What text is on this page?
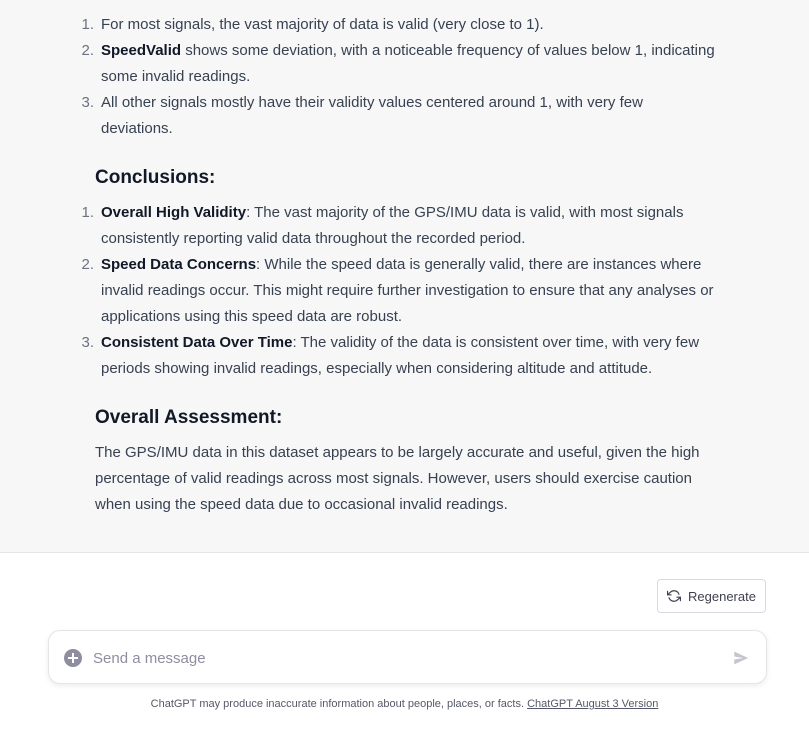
1. For most signals, the vast majority of data is valid (very close to 1).
2. SpeedValid shows some deviation, with a noticeable frequency of values below 1, indicating some invalid readings.
3. All other signals mostly have their validity values centered around 1, with very few deviations.
Conclusions:
1. Overall High Validity: The vast majority of the GPS/IMU data is valid, with most signals consistently reporting valid data throughout the recorded period.
2. Speed Data Concerns: While the speed data is generally valid, there are instances where invalid readings occur. This might require further investigation to ensure that any analyses or applications using this speed data are robust.
3. Consistent Data Over Time: The validity of the data is consistent over time, with very few periods showing invalid readings, especially when considering altitude and attitude.
Overall Assessment:

The GPS/IMU data in this dataset appears to be largely accurate and useful, given the high percentage of valid readings across most signals. However, users should exercise caution when using the speed data due to occasional invalid readings.

Regenerate
Send a message
ChatGPT may produce inaccurate information about people, places, or facts. ChatGPT August 3 Version
